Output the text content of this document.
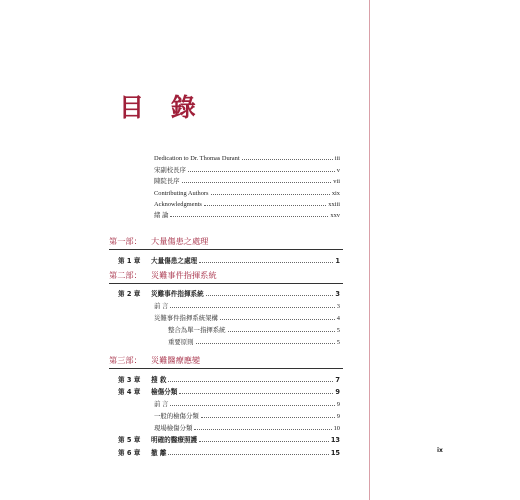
目 錄
Dedication to Dr. Thomas Durant	iii
宋副校長序	v
陳院長序	vii
Contributing Authors	xix
Acknowledgments	xxiii
緒 論	xxv
第一部： 大量傷患之處理
第 1 章	大量傷患之處理	1
第二部： 災難事件指揮系統
第 2 章	災難事件指揮系統	3
前 言	3
災難事件指揮系統架構	4
整合為單一指揮系統	5
重要原則	5
第三部： 災難醫療應變
第 3 章	搜 救	7
第 4 章	檢傷分類	9
前 言	9
一般的檢傷分類	9
現場檢傷分類	10
第 5 章	明確的醫療照護	13
第 6 章	撤 離	15	ix
